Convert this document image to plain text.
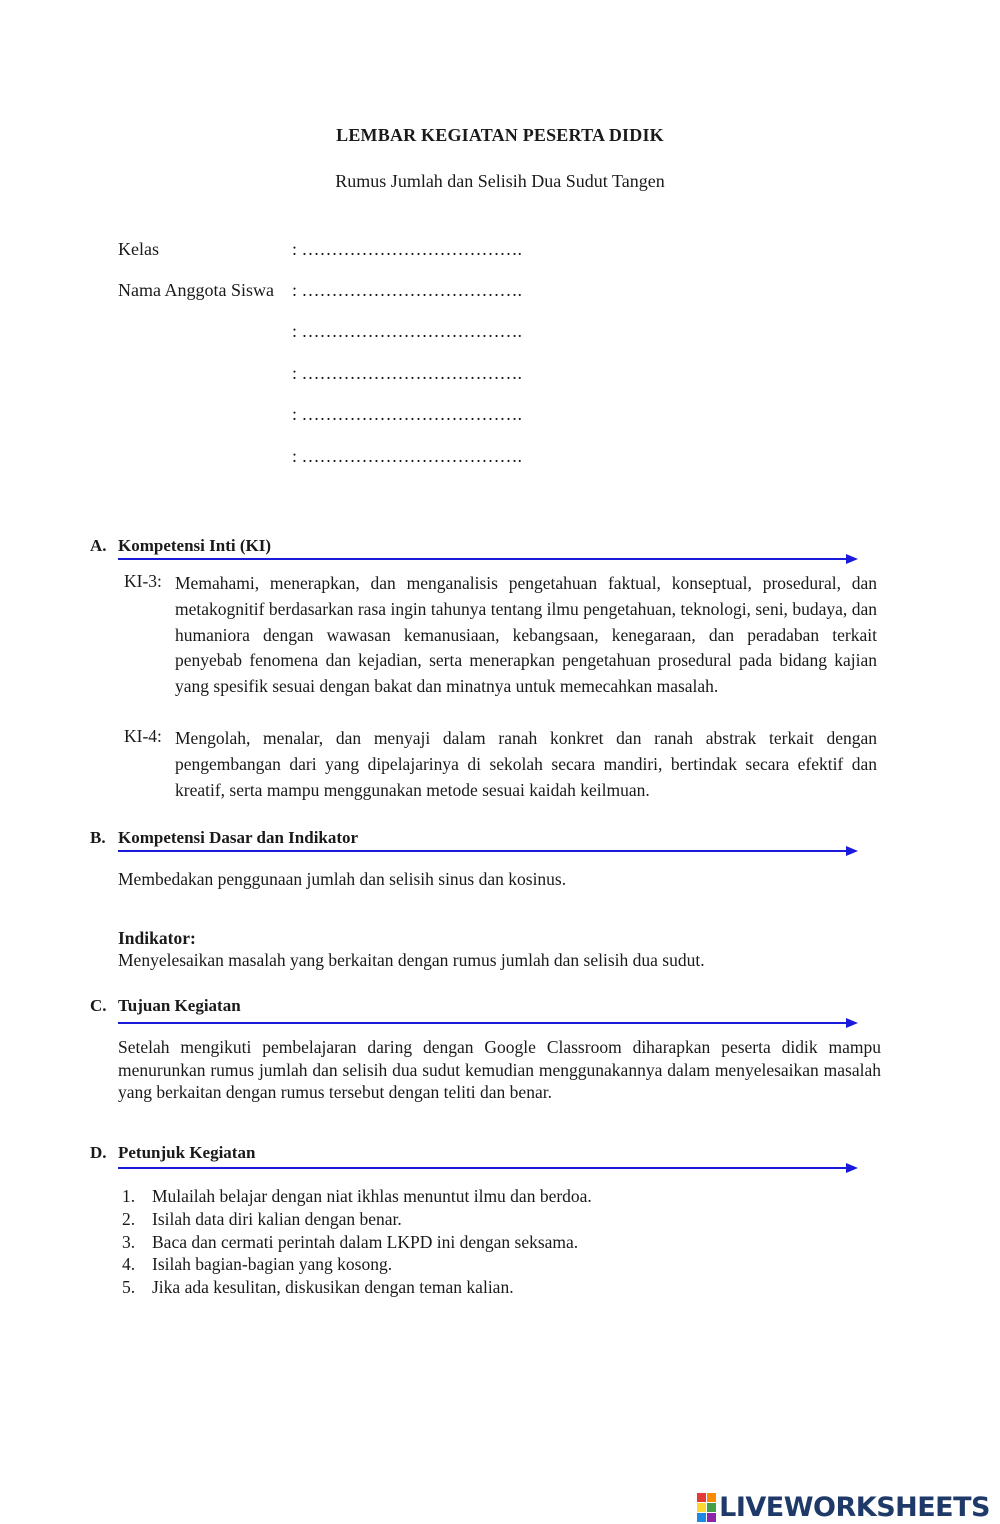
LEMBAR KEGIATAN PESERTA DIDIK
Rumus Jumlah dan Selisih Dua Sudut Tangen
Kelas	: ……………………………….
Nama Anggota Siswa : ……………………………….
: ……………………………….
: ……………………………….
: ……………………………….
: ……………………………….
A. Kompetensi Inti (KI)
KI-3: Memahami, menerapkan, dan menganalisis pengetahuan faktual, konseptual, prosedural, dan metakognitif berdasarkan rasa ingin tahunya tentang ilmu pengetahuan, teknologi, seni, budaya, dan humaniora dengan wawasan kemanusiaan, kebangsaan, kenegaraan, dan peradaban terkait penyebab fenomena dan kejadian, serta menerapkan pengetahuan prosedural pada bidang kajian yang spesifik sesuai dengan bakat dan minatnya untuk memecahkan masalah.
KI-4: Mengolah, menalar, dan menyaji dalam ranah konkret dan ranah abstrak terkait dengan pengembangan dari yang dipelajarinya di sekolah secara mandiri, bertindak secara efektif dan kreatif, serta mampu menggunakan metode sesuai kaidah keilmuan.
B. Kompetensi Dasar dan Indikator
Membedakan penggunaan jumlah dan selisih sinus dan kosinus.
Indikator:
Menyelesaikan masalah yang berkaitan dengan rumus jumlah dan selisih dua sudut.
C. Tujuan Kegiatan
Setelah mengikuti pembelajaran daring dengan Google Classroom diharapkan peserta didik mampu menurunkan rumus jumlah dan selisih dua sudut kemudian menggunakannya dalam menyelesaikan masalah yang berkaitan dengan rumus tersebut dengan teliti dan benar.
D. Petunjuk Kegiatan
1. Mulailah belajar dengan niat ikhlas menuntut ilmu dan berdoa.
2. Isilah data diri kalian dengan benar.
3. Baca dan cermati perintah dalam LKPD ini dengan seksama.
4. Isilah bagian-bagian yang kosong.
5. Jika ada kesulitan, diskusikan dengan teman kalian.
LIVEWORKSHEETS
